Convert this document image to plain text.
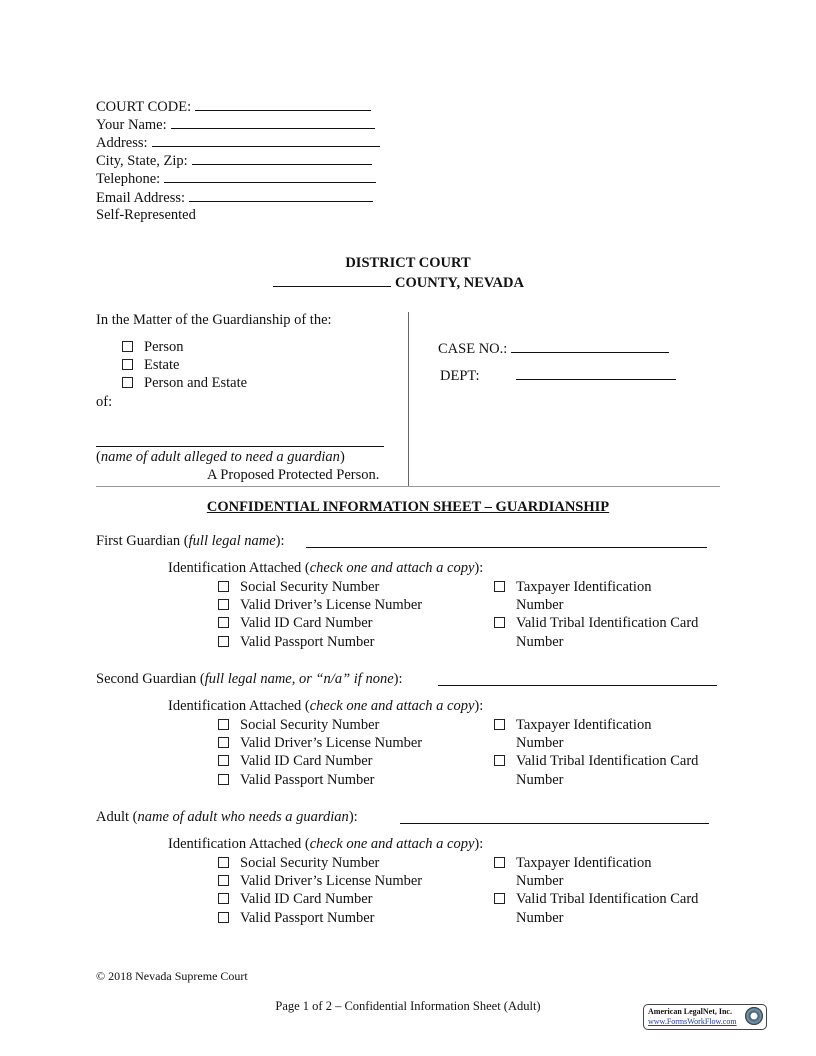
COURT CODE:
Your Name:
Address:
City, State, Zip:
Telephone:
Email Address:
Self-Represented
DISTRICT COURT
COUNTY, NEVADA
In the Matter of the Guardianship of the:
Person
Estate
Person and Estate
of:
(name of adult alleged to need a guardian)
A Proposed Protected Person.
CASE NO.:
DEPT:
CONFIDENTIAL INFORMATION SHEET – GUARDIANSHIP
First Guardian (full legal name):
Identification Attached (check one and attach a copy):
Social Security Number
Valid Driver’s License Number
Valid ID Card Number
Valid Passport Number
Taxpayer Identification
Number
Valid Tribal Identification Card
Number
Second Guardian (full legal name, or “n/a” if none):
Identification Attached (check one and attach a copy):
Social Security Number
Valid Driver’s License Number
Valid ID Card Number
Valid Passport Number
Taxpayer Identification
Number
Valid Tribal Identification Card
Number
Adult (name of adult who needs a guardian):
Identification Attached (check one and attach a copy):
Social Security Number
Valid Driver’s License Number
Valid ID Card Number
Valid Passport Number
Taxpayer Identification
Number
Valid Tribal Identification Card
Number
© 2018 Nevada Supreme Court
Page 1 of 2 – Confidential Information Sheet (Adult)	American LegalNet, Inc.
www.FormsWorkFlow.com
